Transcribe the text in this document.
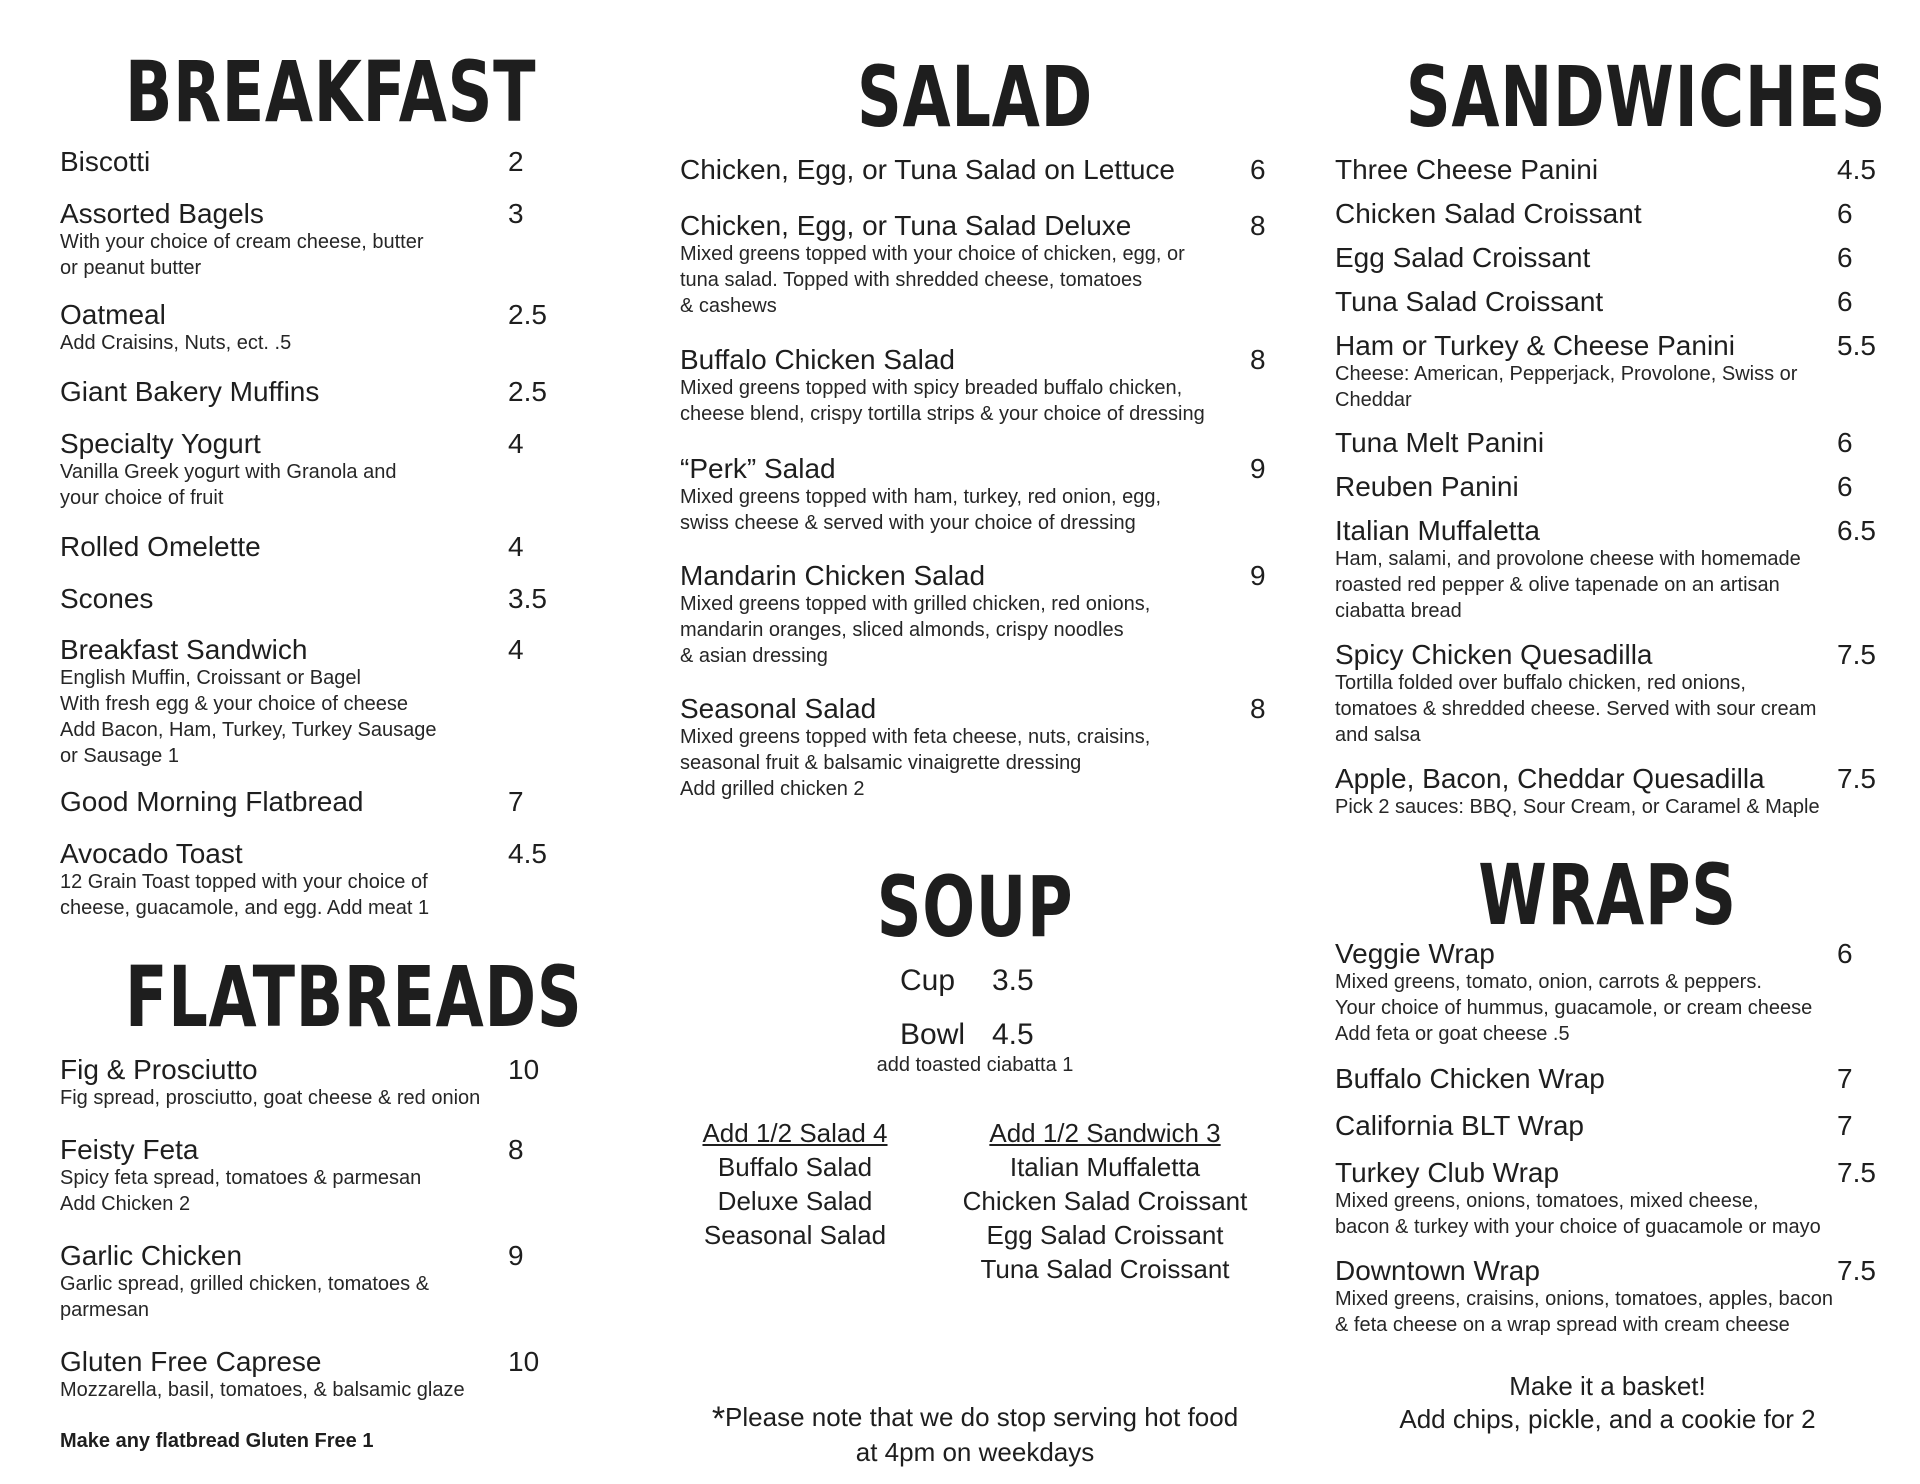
BREAKFAST
Biscotti	2
Assorted Bagels	3
With your choice of cream cheese, butter
or peanut butter
Oatmeal	2.5
Add Craisins, Nuts, ect. .5
Giant Bakery Muffins	2.5
Specialty Yogurt	4
Vanilla Greek yogurt with Granola and
your choice of fruit
Rolled Omelette	4
Scones	3.5
Breakfast Sandwich	4
English Muffin, Croissant or Bagel
With fresh egg & your choice of cheese
Add Bacon, Ham, Turkey, Turkey Sausage
or Sausage 1
Good Morning Flatbread	7
Avocado Toast	4.5
12 Grain Toast topped with your choice of
cheese, guacamole, and egg. Add meat 1
FLATBREADS
Fig & Prosciutto	10
Fig spread, prosciutto, goat cheese & red onion
Feisty Feta	8
Spicy feta spread, tomatoes & parmesan
Add Chicken 2
Garlic Chicken	9
Garlic spread, grilled chicken, tomatoes &
parmesan
Gluten Free Caprese	10
Mozzarella, basil, tomatoes, & balsamic glaze
Make any flatbread Gluten Free 1
SALAD
Chicken, Egg, or Tuna Salad on Lettuce	6
Chicken, Egg, or Tuna Salad Deluxe	8
Mixed greens topped with your choice of chicken, egg, or
tuna salad. Topped with shredded cheese, tomatoes
& cashews
Buffalo Chicken Salad	8
Mixed greens topped with spicy breaded buffalo chicken,
cheese blend, crispy tortilla strips & your choice of dressing
“Perk” Salad	9
Mixed greens topped with ham, turkey, red onion, egg,
swiss cheese & served with your choice of dressing
Mandarin Chicken Salad	9
Mixed greens topped with grilled chicken, red onions,
mandarin oranges, sliced almonds, crispy noodles
& asian dressing
Seasonal Salad	8
Mixed greens topped with feta cheese, nuts, craisins,
seasonal fruit & balsamic vinaigrette dressing
Add grilled chicken 2
SOUP
Cup 3.5
Bowl 4.5
add toasted ciabatta 1
Add 1/2 Salad 4
Buffalo Salad
Deluxe Salad
Seasonal Salad
Add 1/2 Sandwich 3
Italian Muffaletta
Chicken Salad Croissant
Egg Salad Croissant
Tuna Salad Croissant

*Please note that we do stop serving hot food
at 4pm on weekdays

SANDWICHES
Three Cheese Panini	4.5
Chicken Salad Croissant	6
Egg Salad Croissant	6
Tuna Salad Croissant	6
Ham or Turkey & Cheese Panini	5.5
Cheese: American, Pepperjack, Provolone, Swiss or
Cheddar
Tuna Melt Panini	6
Reuben Panini	6
Italian Muffaletta	6.5
Ham, salami, and provolone cheese with homemade
roasted red pepper & olive tapenade on an artisan
ciabatta bread
Spicy Chicken Quesadilla	7.5
Tortilla folded over buffalo chicken, red onions,
tomatoes & shredded cheese. Served with sour cream
and salsa
Apple, Bacon, Cheddar Quesadilla	7.5
Pick 2 sauces: BBQ, Sour Cream, or Caramel & Maple
WRAPS
Veggie Wrap	6
Mixed greens, tomato, onion, carrots & peppers.
Your choice of hummus, guacamole, or cream cheese
Add feta or goat cheese .5
Buffalo Chicken Wrap	7
California BLT Wrap	7
Turkey Club Wrap	7.5
Mixed greens, onions, tomatoes, mixed cheese,
bacon & turkey with your choice of guacamole or mayo
Downtown Wrap	7.5
Mixed greens, craisins, onions, tomatoes, apples, bacon
& feta cheese on a wrap spread with cream cheese
Make it a basket!
Add chips, pickle, and a cookie for 2
